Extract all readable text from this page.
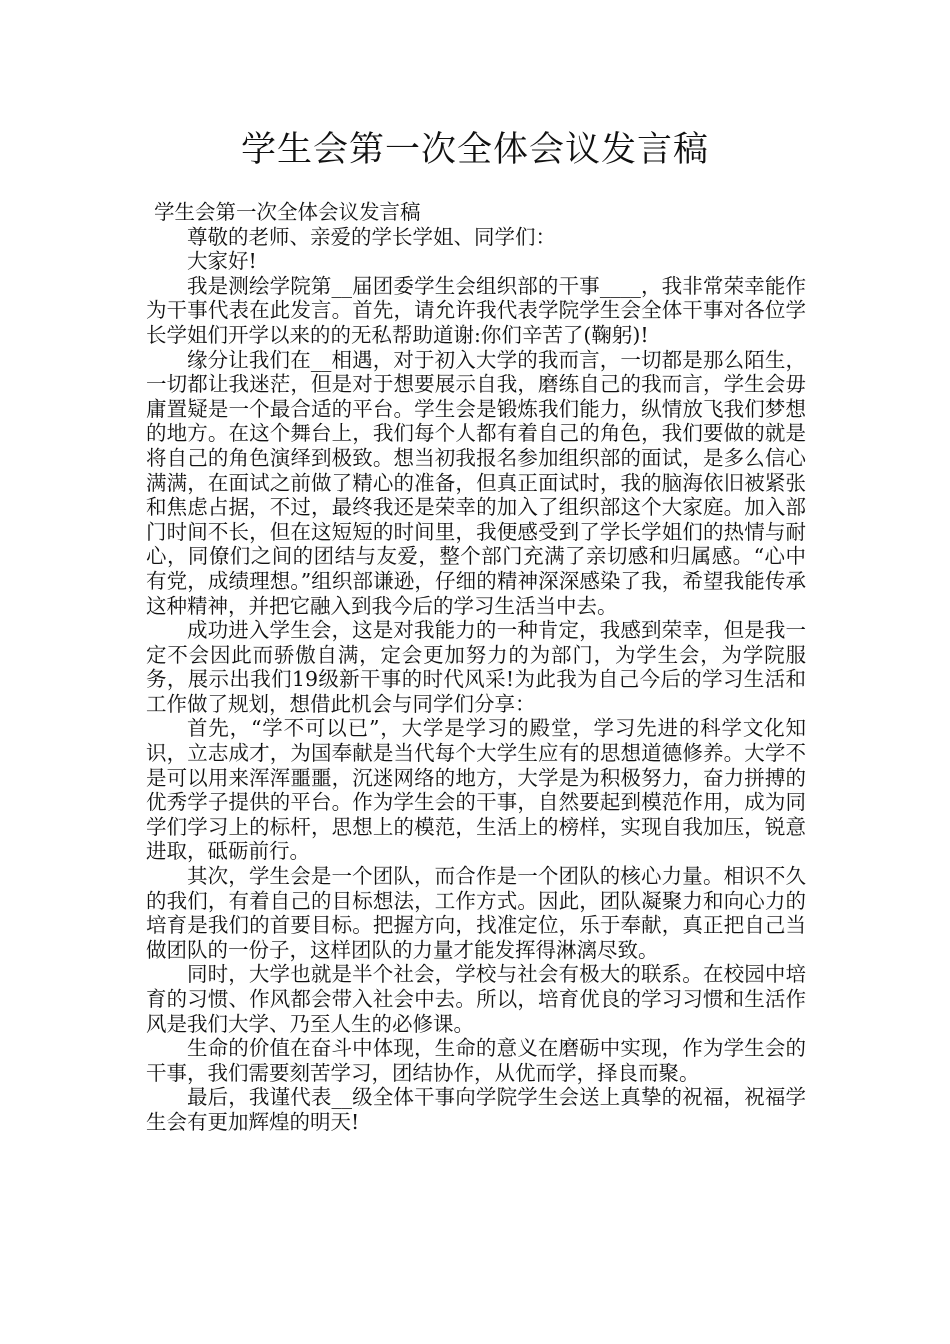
学生会第一次全体会议发言稿

学生会第一次全体会议发言稿

尊敬的老师、亲爱的学长学姐、同学们：

大家好!

我是测绘学院第__届团委学生会组织部的干事____，我非常荣幸能作为干事代表在此发言。首先，请允许我代表学院学生会全体干事对各位学长学姐们开学以来的的无私帮助道谢:你们辛苦了(鞠躬)!

缘分让我们在__相遇，对于初入大学的我而言，一切都是那么陌生，一切都让我迷茫，但是对于想要展示自我，磨练自己的我而言，学生会毋庸置疑是一个最合适的平台。学生会是锻炼我们能力，纵情放飞我们梦想的地方。在这个舞台上，我们每个人都有着自己的角色，我们要做的就是将自己的角色演绎到极致。想当初我报名参加组织部的面试，是多么信心满满，在面试之前做了精心的准备，但真正面试时，我的脑海依旧被紧张和焦虑占据，不过，最终我还是荣幸的加入了组织部这个大家庭。加入部门时间不长，但在这短短的时间里，我便感受到了学长学姐们的热情与耐心，同僚们之间的团结与友爱，整个部门充满了亲切感和归属感。“心中有党，成绩理想。”组织部谦逊，仔细的精神深深感染了我，希望我能传承这种精神，并把它融入到我今后的学习生活当中去。

成功进入学生会，这是对我能力的一种肯定，我感到荣幸，但是我一定不会因此而骄傲自满，定会更加努力的为部门，为学生会，为学院服务，展示出我们19级新干事的时代风采!为此我为自己今后的学习生活和工作做了规划，想借此机会与同学们分享：

首先，“学不可以已”，大学是学习的殿堂，学习先进的科学文化知识，立志成才，为国奉献是当代每个大学生应有的思想道德修养。大学不是可以用来浑浑噩噩，沉迷网络的地方，大学是为积极努力，奋力拼搏的优秀学子提供的平台。作为学生会的干事，自然要起到模范作用，成为同学们学习上的标杆，思想上的模范，生活上的榜样，实现自我加压，锐意进取，砥砺前行。

其次，学生会是一个团队，而合作是一个团队的核心力量。相识不久的我们，有着自己的目标想法，工作方式。因此，团队凝聚力和向心力的培育是我们的首要目标。把握方向，找准定位，乐于奉献，真正把自己当做团队的一份子，这样团队的力量才能发挥得淋漓尽致。

同时，大学也就是半个社会，学校与社会有极大的联系。在校园中培育的习惯、作风都会带入社会中去。所以，培育优良的学习习惯和生活作风是我们大学、乃至人生的必修课。

生命的价值在奋斗中体现，生命的意义在磨砺中实现，作为学生会的干事，我们需要刻苦学习，团结协作，从优而学，择良而聚。

最后，我谨代表__级全体干事向学院学生会送上真挚的祝福，祝福学生会有更加辉煌的明天!
